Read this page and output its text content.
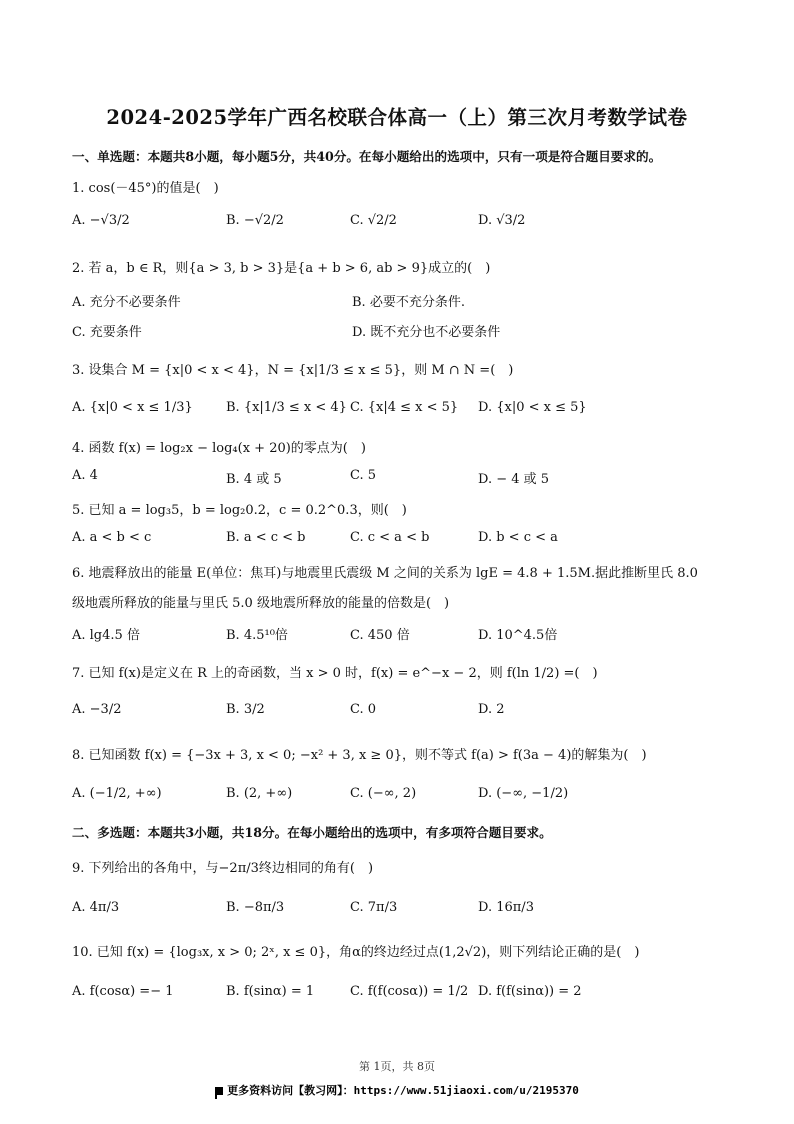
2024-2025学年广西名校联合体高一（上）第三次月考数学试卷
一、单选题：本题共8小题，每小题5分，共40分。在每小题给出的选项中，只有一项是符合题目要求的。
1. cos(－45°)的值是(　)
A. −√3/2	B. −√2/2	C. √2/2	D. √3/2
2. 若 a，b ∈ R，则{a > 3, b > 3}是{a + b > 6, ab > 9}成立的(　)
A. 充分不必要条件	B. 必要不充分条件.
C. 充要条件	D. 既不充分也不必要条件
3. 设集合 M = {x|0 < x < 4}，N = {x|1/3 ≤ x ≤ 5}，则 M ∩ N =(　)
A. {x|0 < x ≤ 1/3}	B. {x|1/3 ≤ x < 4} C. {x|4 ≤ x < 5} D. {x|0 < x ≤ 5}
4. 函数 f(x) = log₂x − log₄(x + 20)的零点为(　)
A. 4	B. 4 或 5	C. 5	D. − 4 或 5
5. 已知 a = log₃5，b = log₂0.2，c = 0.2^0.3，则(　)
A. a < b < c	B. a < c < b	C. c < a < b	D. b < c < a
6. 地震释放出的能量 E(单位：焦耳)与地震里氏震级 M 之间的关系为 lgE = 4.8 + 1.5M.据此推断里氏 8.0
级地震所释放的能量与里氏 5.0 级地震所释放的能量的倍数是(　)
A. lg4.5 倍	B. 4.5¹⁰倍	C. 450 倍	D. 10^4.5倍
7. 已知 f(x)是定义在 R 上的奇函数，当 x > 0 时，f(x) = e^−x − 2，则 f(ln 1/2) =(　)
A. −3/2	B. 3/2	C. 0	D. 2
8. 已知函数 f(x) = {−3x + 3, x < 0; −x² + 3, x ≥ 0}，则不等式 f(a) > f(3a − 4)的解集为(　)
A. (−1/2, +∞)	B. (2, +∞)	C. (−∞, 2)	D. (−∞, −1/2)
二、多选题：本题共3小题，共18分。在每小题给出的选项中，有多项符合题目要求。
9. 下列给出的各角中，与−2π/3终边相同的角有(　)
A. 4π/3	B. −8π/3	C. 7π/3	D. 16π/3
10. 已知 f(x) = {log₃x, x > 0; 2ˣ, x ≤ 0}，角α的终边经过点(1,2√2)，则下列结论正确的是(　)
A. f(cosα) =− 1	B. f(sinα) = 1	C. f(f(cosα)) = 1/2 D. f(f(sinα)) = 2
第 1页，共 8页
更多资料访问【教习网】：https://www.51jiaoxi.com/u/2195370
